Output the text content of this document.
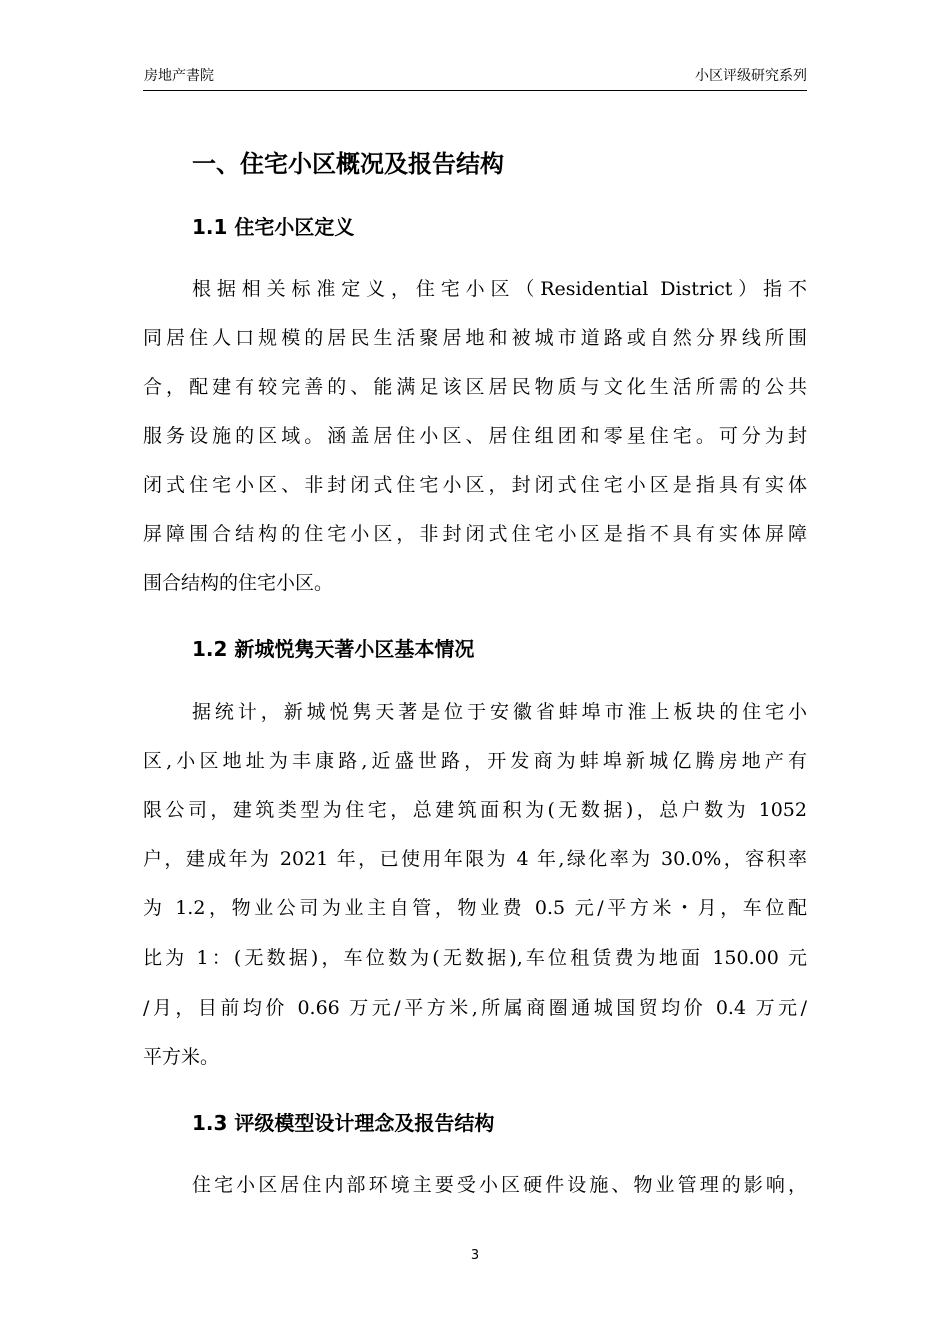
房地产書院	小区评级研究系列
一、住宅小区概况及报告结构
1.1 住宅小区定义
根据相关标准定义，住宅小区（Residential District）指不
同居住人口规模的居民生活聚居地和被城市道路或自然分界线所围
合，配建有较完善的、能满足该区居民物质与文化生活所需的公共
服务设施的区域。涵盖居住小区、居住组团和零星住宅。可分为封
闭式住宅小区、非封闭式住宅小区，封闭式住宅小区是指具有实体
屏障围合结构的住宅小区，非封闭式住宅小区是指不具有实体屏障
围合结构的住宅小区。
1.2 新城悦隽天著小区基本情况
据统计，新城悦隽天著是位于安徽省蚌埠市淮上板块的住宅小
区,小区地址为丰康路,近盛世路，开发商为蚌埠新城亿腾房地产有
限公司，建筑类型为住宅，总建筑面积为(无数据)，总户数为 1052
户，建成年为 2021 年，已使用年限为 4 年,绿化率为 30.0%，容积率
为 1.2，物业公司为业主自管，物业费 0.5 元/平方米・月，车位配
比为 1：(无数据)，车位数为(无数据),车位租赁费为地面 150.00 元
/月，目前均价 0.66 万元/平方米,所属商圈通城国贸均价 0.4 万元/
平方米。
1.3 评级模型设计理念及报告结构
住宅小区居住内部环境主要受小区硬件设施、物业管理的影响，
3
